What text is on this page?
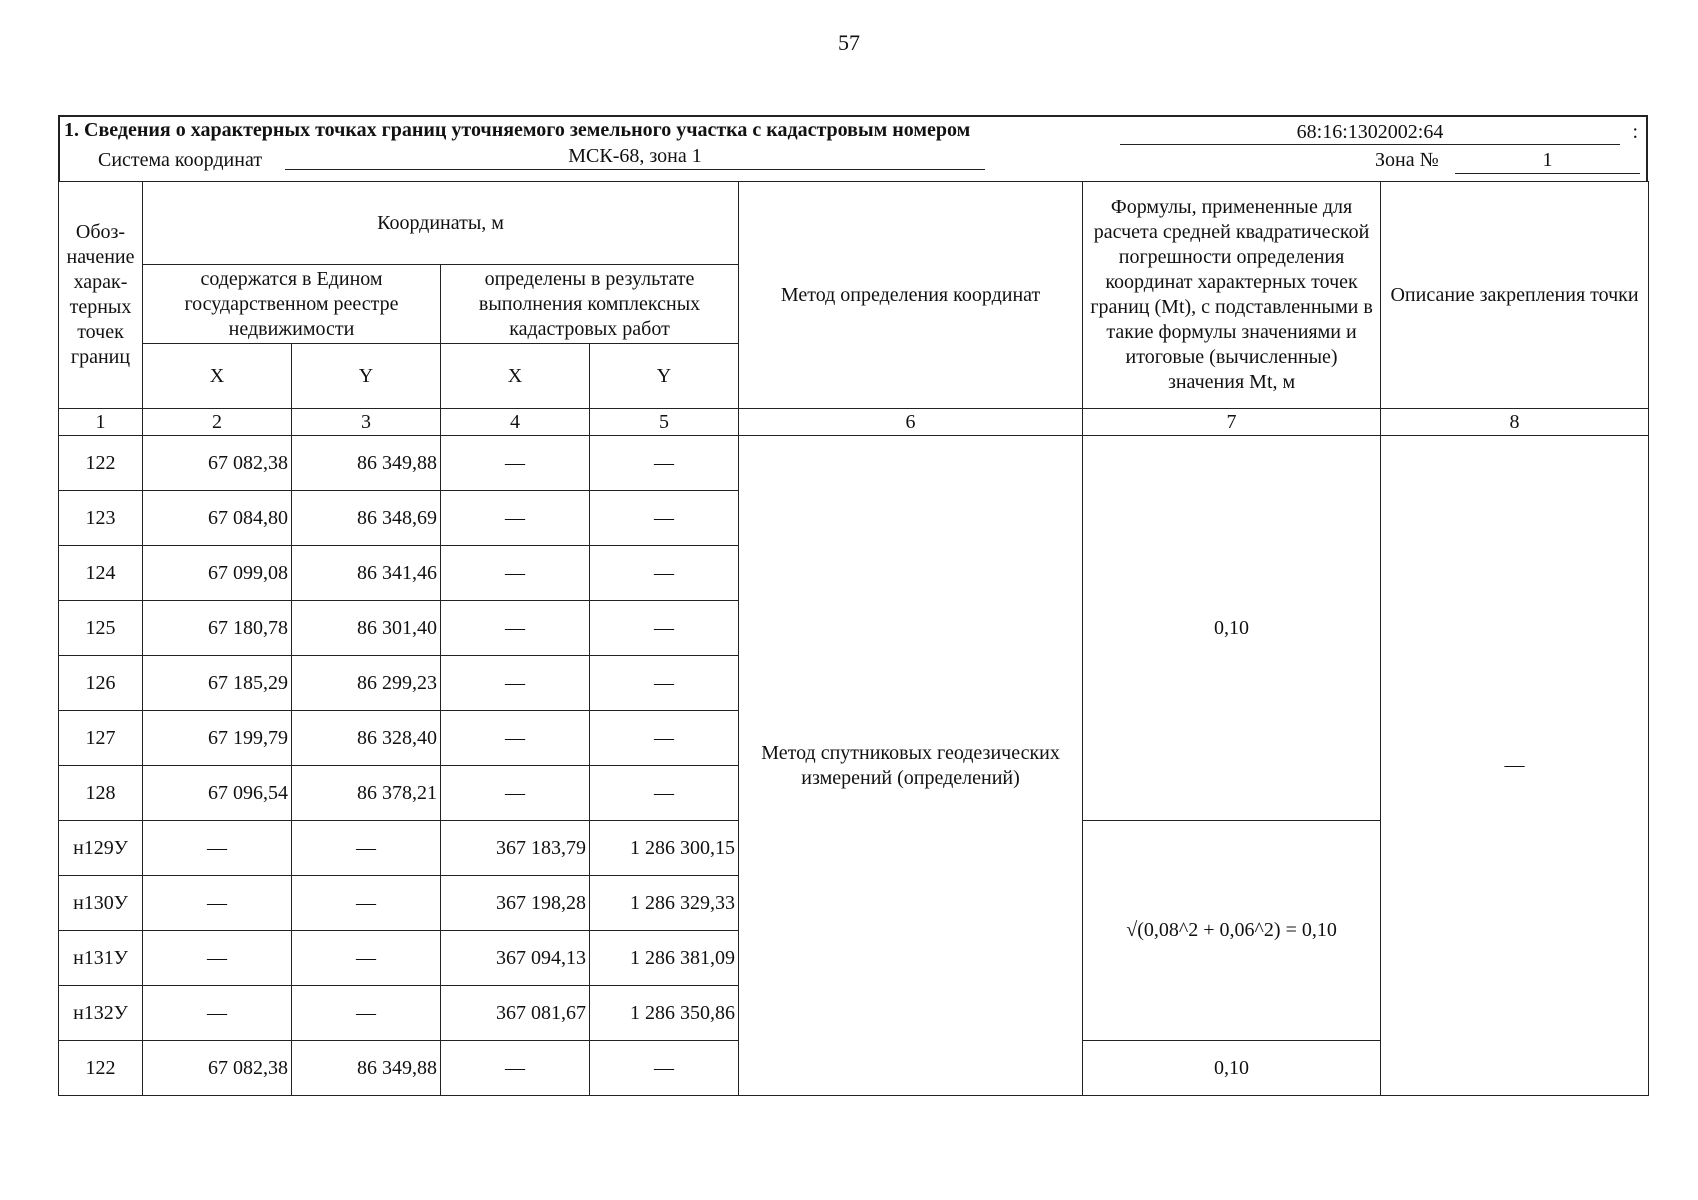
57
1. Сведения о характерных точках границ уточняемого земельного участка с кадастровым номером	68:16:1302002:64	:
Система координат	МСК-68, зона 1	Зона №	1
Обоз-начение харак-терных точек границ	Координаты, м				Метод определения координат	Формулы, примененные для расчета средней квадратической погрешности определения координат характерных точек границ (Mt), с подставленными в такие формулы значениями и итоговые (вычисленные) значения Mt, м	Описание закрепления точки
	содержатся в Едином государственном реестре недвижимости		определены в результате выполнения комплексных кадастровых работ				
	X	Y	X	Y			
1	2	3	4	5	6	7	8
122	67 082,38	86 349,88	—	—	Метод спутниковых геодезических измерений (определений)	0,10	—
123	67 084,80	86 348,69	—	—			
124	67 099,08	86 341,46	—	—			
125	67 180,78	86 301,40	—	—			
126	67 185,29	86 299,23	—	—			
127	67 199,79	86 328,40	—	—			
128	67 096,54	86 378,21	—	—			
н129У	—	—	367 183,79	1 286 300,15		√(0,08^2 + 0,06^2) = 0,10	
н130У	—	—	367 198,28	1 286 329,33			
н131У	—	—	367 094,13	1 286 381,09			
н132У	—	—	367 081,67	1 286 350,86			
122	67 082,38	86 349,88	—	—		0,10	
